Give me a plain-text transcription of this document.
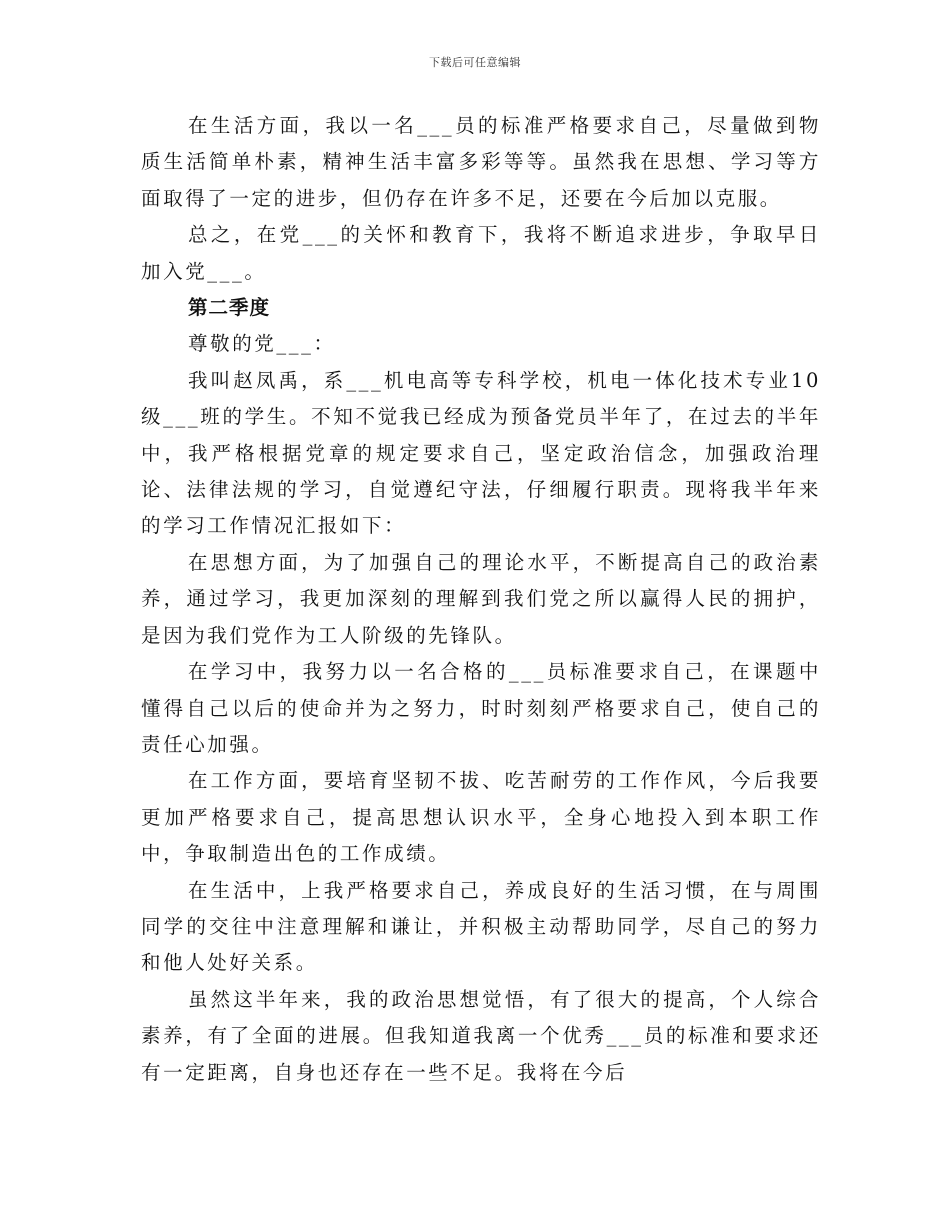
下载后可任意编辑

在生活方面，我以一名___员的标准严格要求自己，尽量做到物质生活简单朴素，精神生活丰富多彩等等。虽然我在思想、学习等方面取得了一定的进步，但仍存在许多不足，还要在今后加以克服。

总之，在党___的关怀和教育下，我将不断追求进步，争取早日加入党___。

第二季度

尊敬的党___：

我叫赵凤禹，系___机电高等专科学校，机电一体化技术专业10级___班的学生。不知不觉我已经成为预备党员半年了，在过去的半年中，我严格根据党章的规定要求自己，坚定政治信念，加强政治理论、法律法规的学习，自觉遵纪守法，仔细履行职责。现将我半年来的学习工作情况汇报如下：

在思想方面，为了加强自己的理论水平，不断提高自己的政治素养，通过学习，我更加深刻的理解到我们党之所以赢得人民的拥护，是因为我们党作为工人阶级的先锋队。

在学习中，我努力以一名合格的___员标准要求自己，在课题中懂得自己以后的使命并为之努力，时时刻刻严格要求自己，使自己的责任心加强。

在工作方面，要培育坚韧不拔、吃苦耐劳的工作作风，今后我要更加严格要求自己，提高思想认识水平，全身心地投入到本职工作中，争取制造出色的工作成绩。

在生活中，上我严格要求自己，养成良好的生活习惯，在与周围同学的交往中注意理解和谦让，并积极主动帮助同学，尽自己的努力和他人处好关系。

虽然这半年来，我的政治思想觉悟，有了很大的提高，个人综合素养，有了全面的进展。但我知道我离一个优秀___员的标准和要求还有一定距离，自身也还存在一些不足。我将在今后
